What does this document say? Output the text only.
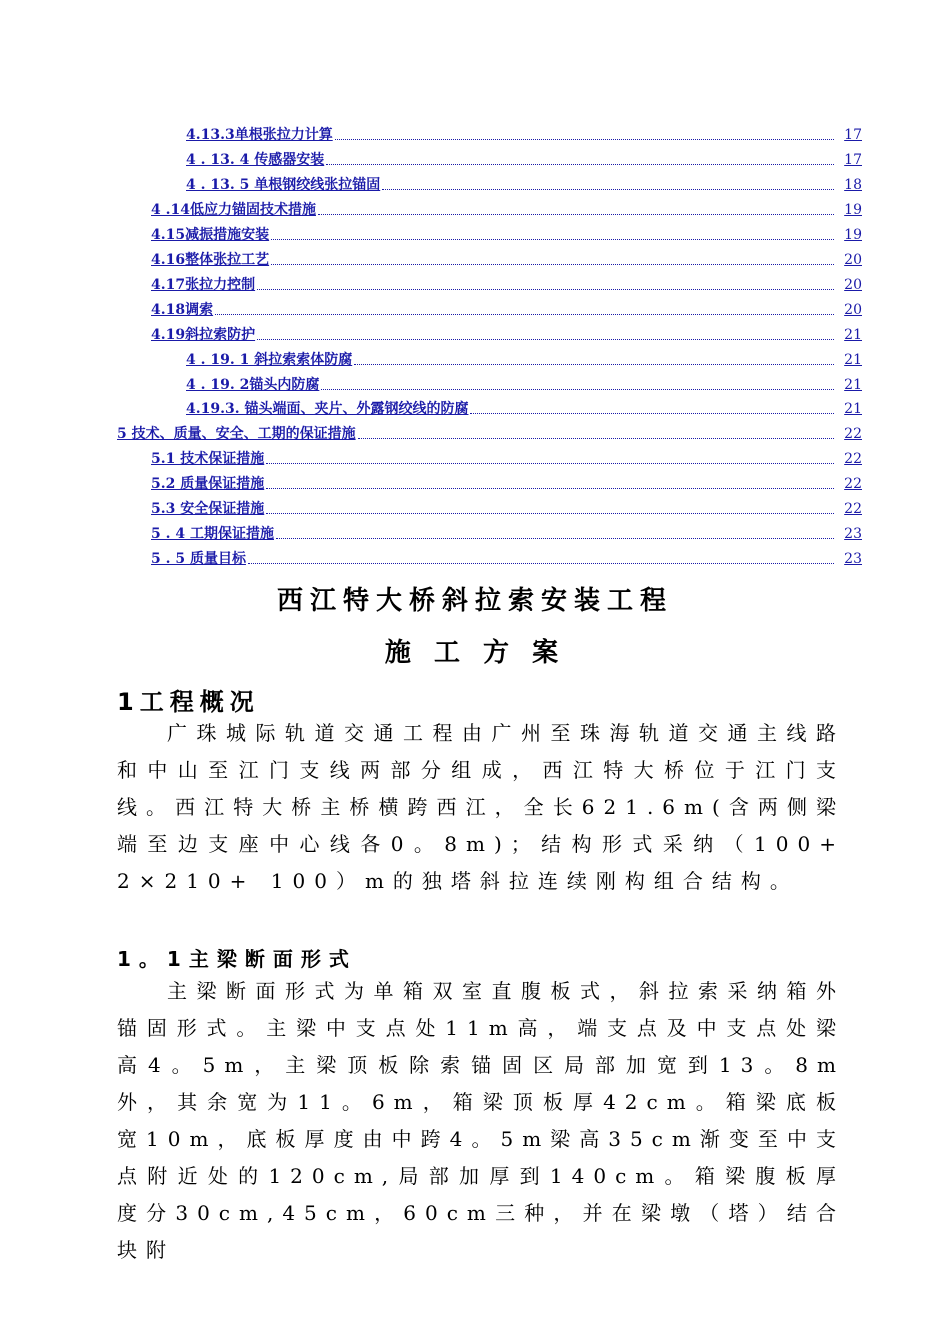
4.13.3单根张拉力计算	17
4 . 13. 4 传感器安装	17
4 . 13. 5 单根钢绞线张拉锚固	18
4 .14低应力锚固技术措施	19
4.15减振措施安装	19
4.16整体张拉工艺	20
4.17张拉力控制	20
4.18调索	20
4.19斜拉索防护	21
4 . 19. 1 斜拉索索体防腐	21
4 . 19. 2锚头内防腐	21
4.19.3. 锚头端面、夹片、外露钢绞线的防腐	21
5 技术、质量、安全、工期的保证措施	22
5.1 技术保证措施	22
5.2 质量保证措施	22
5.3 安全保证措施	22
5 . 4 工期保证措施	23
5 . 5 质量目标	23
西江特大桥斜拉索安装工程
施 工 方 案
1工程概况
广珠城际轨道交通工程由广州至珠海轨道交通主线路和中山至江门支线两部分组成，西江特大桥位于江门支线。西江特大桥主桥横跨西江，全长621.6m(含两侧梁端至边支座中心线各0。8m)；结构形式采纳（100+ 2×210+ 100）m的独塔斜拉连续刚构组合结构。
1。1主梁断面形式
主梁断面形式为单箱双室直腹板式，斜拉索采纳箱外锚固形式。主梁中支点处11m高，端支点及中支点处梁高4。5m，主梁顶板除索锚固区局部加宽到13。8m外，其余宽为11。6m，箱梁顶板厚42cm。箱梁底板宽10m，底板厚度由中跨4。5m梁高35cm渐变至中支点附近处的120cm,局部加厚到140cm。箱梁腹板厚度分30cm,45cm，60cm三种，并在梁墩（塔）结合块附
